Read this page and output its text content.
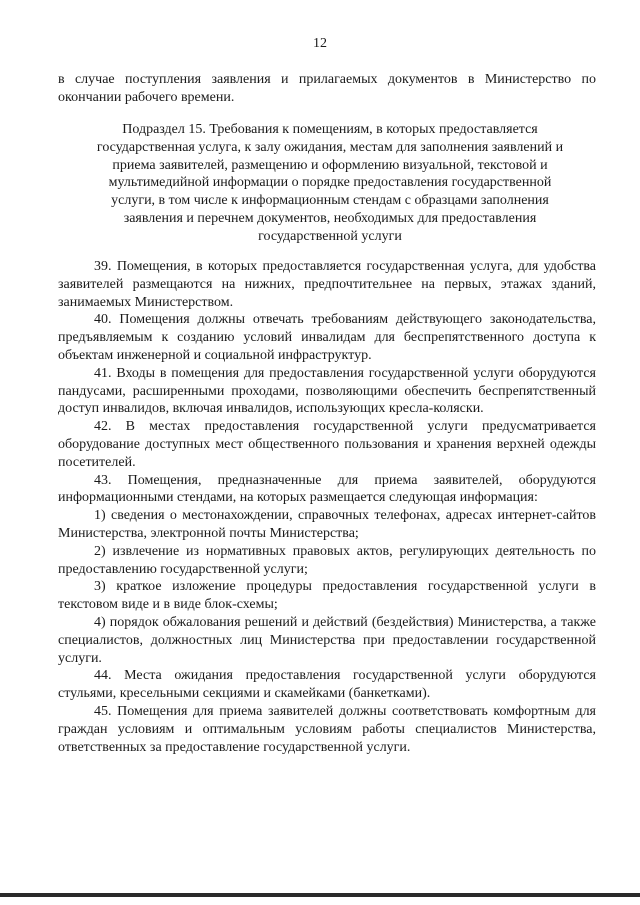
12

в случае поступления заявления и прилагаемых документов в Министерство по окончании рабочего времени.

Подраздел 15. Требования к помещениям, в которых предоставляется
государственная услуга, к залу ожидания, местам для заполнения заявлений и
приема заявителей, размещению и оформлению визуальной, текстовой и
мультимедийной информации о порядке предоставления государственной
услуги, в том числе к информационным стендам с образцами заполнения
заявления и перечнем документов, необходимых для предоставления
государственной услуги

39. Помещения, в которых предоставляется государственная услуга, для удобства заявителей размещаются на нижних, предпочтительнее на первых, этажах зданий, занимаемых Министерством.

40. Помещения должны отвечать требованиям действующего законодательства, предъявляемым к созданию условий инвалидам для беспрепятственного доступа к объектам инженерной и социальной инфраструктур.

41. Входы в помещения для предоставления государственной услуги оборудуются пандусами, расширенными проходами, позволяющими обеспечить беспрепятственный доступ инвалидов, включая инвалидов, использующих кресла-коляски.

42. В местах предоставления государственной услуги предусматривается оборудование доступных мест общественного пользования и хранения верхней одежды посетителей.

43. Помещения, предназначенные для приема заявителей, оборудуются информационными стендами, на которых размещается следующая информация:

1) сведения о местонахождении, справочных телефонах, адресах интернет-сайтов Министерства, электронной почты Министерства;

2) извлечение из нормативных правовых актов, регулирующих деятельность по предоставлению государственной услуги;

3) краткое изложение процедуры предоставления государственной услуги в текстовом виде и в виде блок-схемы;

4) порядок обжалования решений и действий (бездействия) Министерства, а также специалистов, должностных лиц Министерства при предоставлении государственной услуги.

44. Места ожидания предоставления государственной услуги оборудуются стульями, кресельными секциями и скамейками (банкетками).

45. Помещения для приема заявителей должны соответствовать комфортным для граждан условиям и оптимальным условиям работы специалистов Министерства, ответственных за предоставление государственной услуги.
